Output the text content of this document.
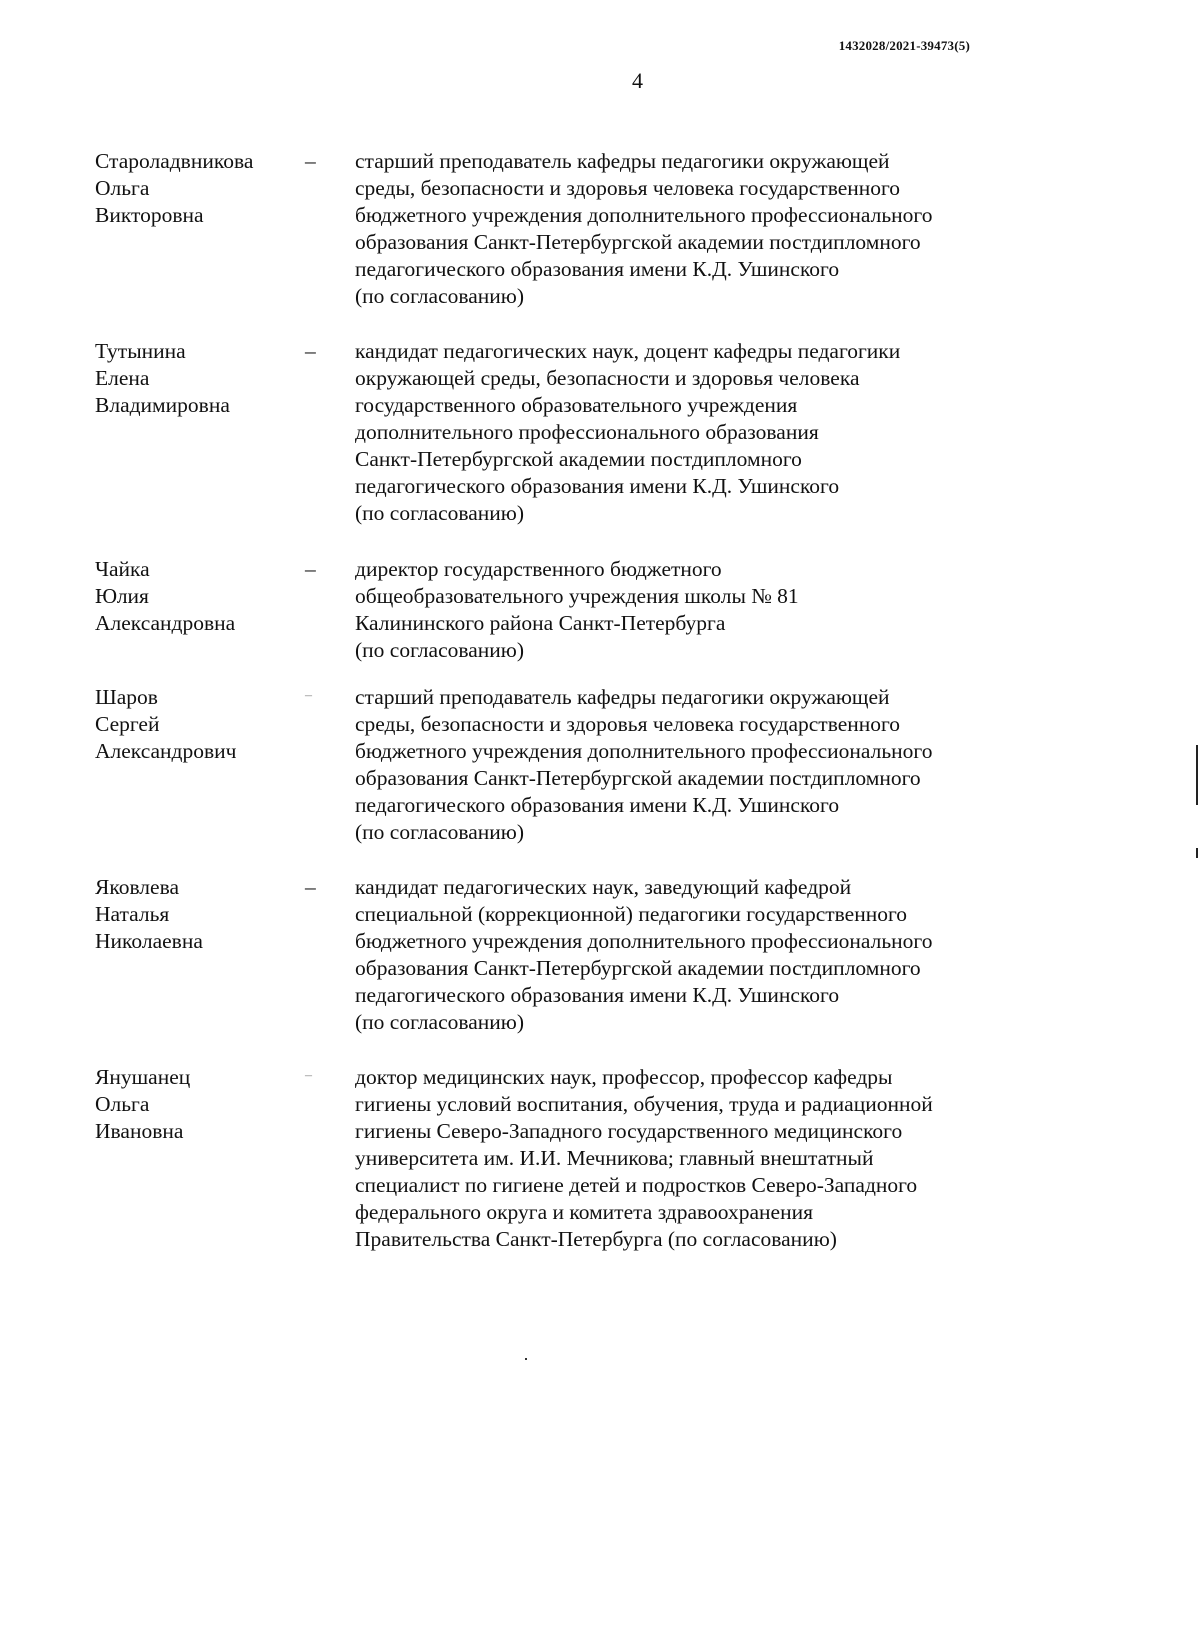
1432028/2021-39473(5)
4
Староладвникова
Ольга
Викторовна
– старший преподаватель кафедры педагогики окружающей
среды, безопасности и здоровья человека государственного
бюджетного учреждения дополнительного профессионального
образования Санкт-Петербургской академии постдипломного
педагогического образования имени К.Д. Ушинского
(по согласованию)
Тутынина
Елена
Владимировна
– кандидат педагогических наук, доцент кафедры педагогики
окружающей среды, безопасности и здоровья человека
государственного образовательного учреждения
дополнительного профессионального образования
Санкт-Петербургской академии постдипломного
педагогического образования имени К.Д. Ушинского
(по согласованию)
Чайка
Юлия
Александровна
– директор государственного бюджетного
общеобразовательного учреждения школы № 81
Калининского района Санкт-Петербурга
(по согласованию)
Шаров
Сергей
Александрович
– старший преподаватель кафедры педагогики окружающей
среды, безопасности и здоровья человека государственного
бюджетного учреждения дополнительного профессионального
образования Санкт-Петербургской академии постдипломного
педагогического образования имени К.Д. Ушинского
(по согласованию)
Яковлева
Наталья
Николаевна
– кандидат педагогических наук, заведующий кафедрой
специальной (коррекционной) педагогики государственного
бюджетного учреждения дополнительного профессионального
образования Санкт-Петербургской академии постдипломного
педагогического образования имени К.Д. Ушинского
(по согласованию)
Янушанец
Ольга
Ивановна
– доктор медицинских наук, профессор, профессор кафедры
гигиены условий воспитания, обучения, труда и радиационной
гигиены Северо-Западного государственного медицинского
университета им. И.И. Мечникова; главный внештатный
специалист по гигиене детей и подростков Северо-Западного
федерального округа и комитета здравоохранения
Правительства Санкт-Петербурга (по согласованию)
